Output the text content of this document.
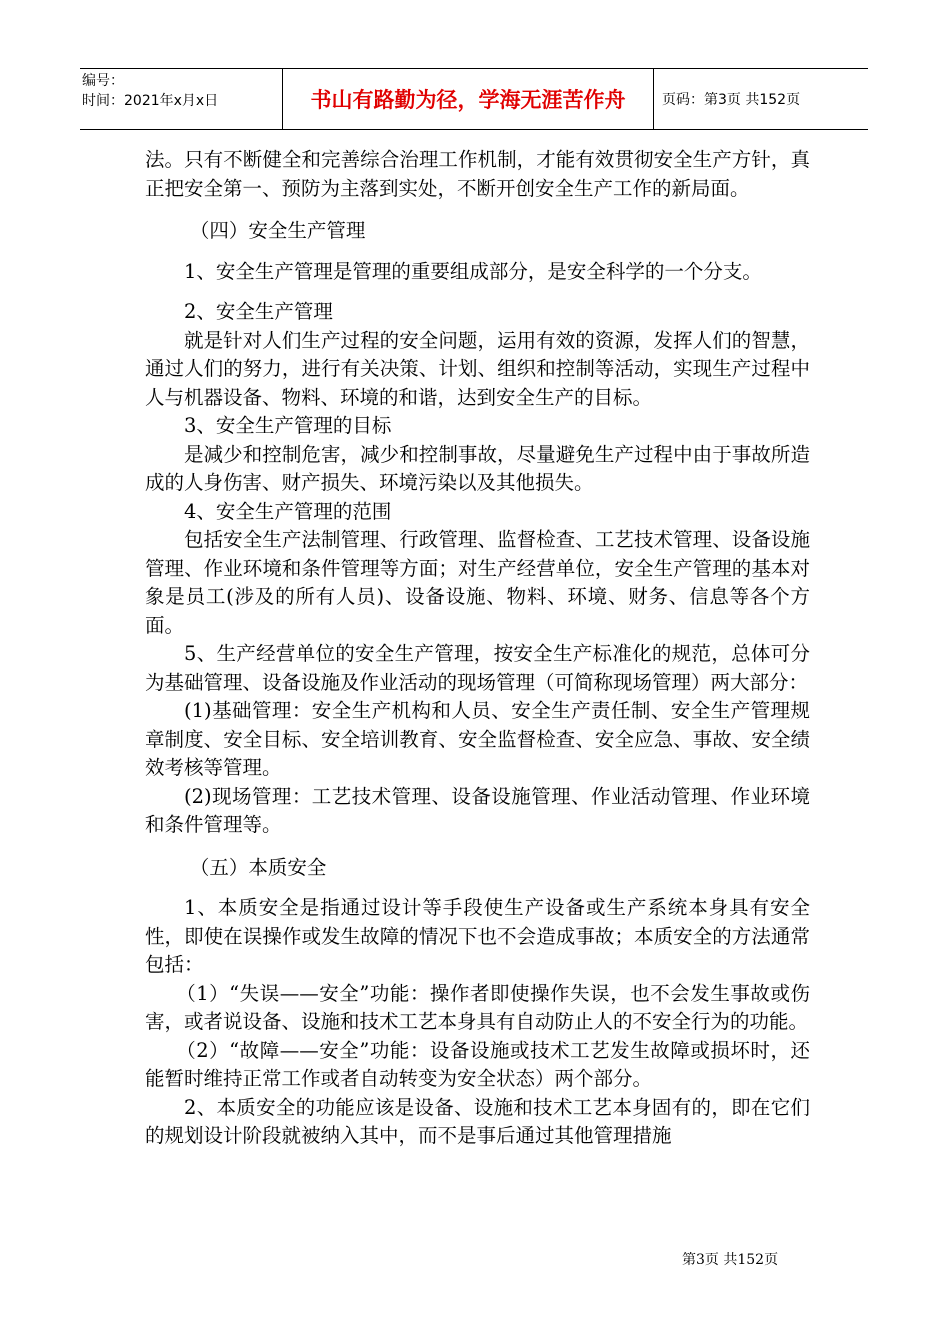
编号：
时间：2021年x月x日	书山有路勤为径，学海无涯苦作舟	页码：第3页 共152页

法。只有不断健全和完善综合治理工作机制，才能有效贯彻安全生产方针，真正把安全第一、预防为主落到实处，不断开创安全生产工作的新局面。

（四）安全生产管理

1、安全生产管理是管理的重要组成部分，是安全科学的一个分支。

2、安全生产管理

就是针对人们生产过程的安全问题，运用有效的资源，发挥人们的智慧，通过人们的努力，进行有关决策、计划、组织和控制等活动，实现生产过程中人与机器设备、物料、环境的和谐，达到安全生产的目标。

3、安全生产管理的目标

是减少和控制危害，减少和控制事故，尽量避免生产过程中由于事故所造成的人身伤害、财产损失、环境污染以及其他损失。

4、安全生产管理的范围

包括安全生产法制管理、行政管理、监督检查、工艺技术管理、设备设施管理、作业环境和条件管理等方面；对生产经营单位，安全生产管理的基本对象是员工(涉及的所有人员)、设备设施、物料、环境、财务、信息等各个方面。

5、生产经营单位的安全生产管理，按安全生产标准化的规范，总体可分为基础管理、设备设施及作业活动的现场管理（可简称现场管理）两大部分：

(1)基础管理：安全生产机构和人员、安全生产责任制、安全生产管理规章制度、安全目标、安全培训教育、安全监督检查、安全应急、事故、安全绩效考核等管理。

(2)现场管理：工艺技术管理、设备设施管理、作业活动管理、作业环境和条件管理等。

（五）本质安全

1、本质安全是指通过设计等手段使生产设备或生产系统本身具有安全性，即使在误操作或发生故障的情况下也不会造成事故；本质安全的方法通常包括：

（1）“失误——安全”功能：操作者即使操作失误，也不会发生事故或伤害，或者说设备、设施和技术工艺本身具有自动防止人的不安全行为的功能。

（2）“故障——安全”功能：设备设施或技术工艺发生故障或损坏时，还能暂时维持正常工作或者自动转变为安全状态）两个部分。

2、本质安全的功能应该是设备、设施和技术工艺本身固有的，即在它们的规划设计阶段就被纳入其中，而不是事后通过其他管理措施

第3页 共152页
